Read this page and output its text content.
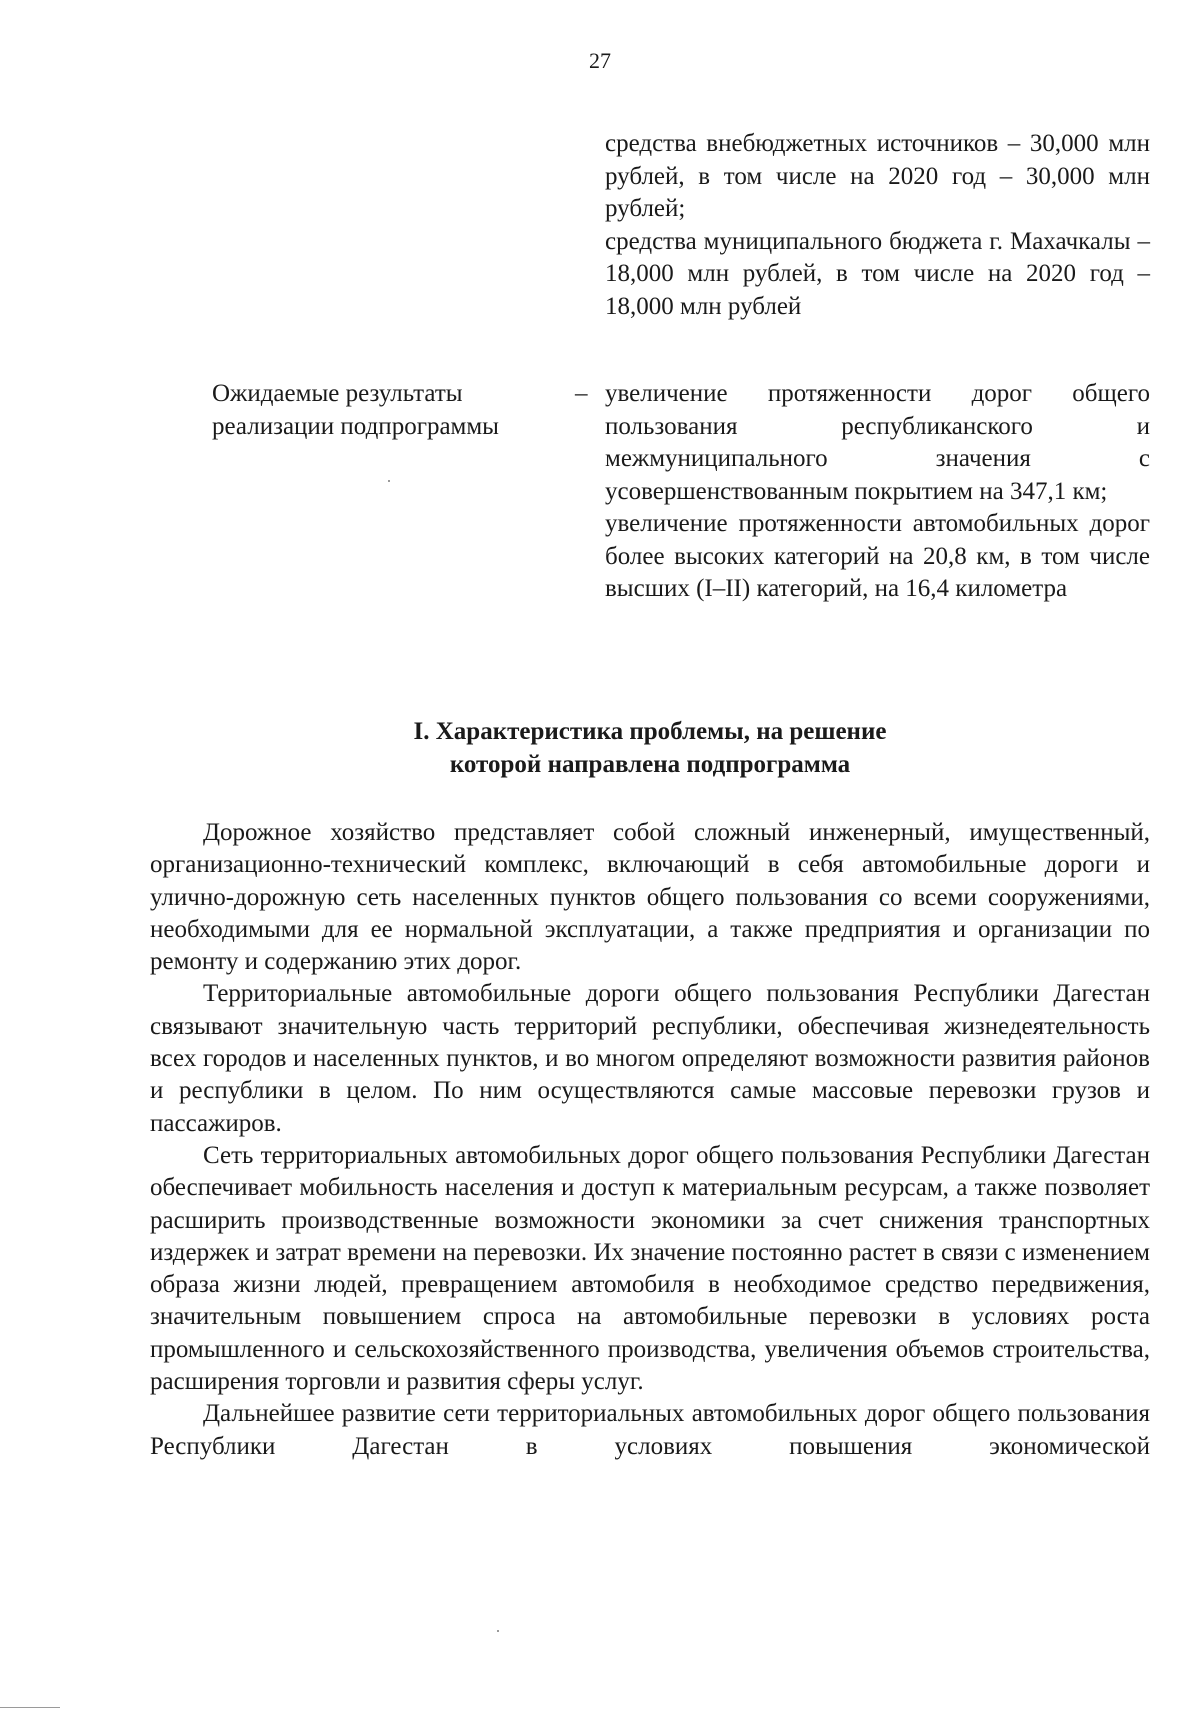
27

средства внебюджетных источников – 30,000 млн рублей, в том числе на 2020 год – 30,000 млн рублей;

средства муниципального бюджета г. Махачкалы – 18,000 млн рублей, в том числе на 2020 год – 18,000 млн рублей

Ожидаемые результаты
реализации подпрограммы
– увеличение протяженности дорог общего пользования республиканского и межмуниципального значения с усовершенствованным покрытием на 347,1 км;

увеличение протяженности автомобильных дорог более высоких категорий на 20,8 км, в том числе высших (I–II) категорий, на 16,4 километра

I. Характеристика проблемы, на решение
которой направлена подпрограмма

Дорожное хозяйство представляет собой сложный инженерный, имущественный, организационно-технический комплекс, включающий в себя автомобильные дороги и улично-дорожную сеть населенных пунктов общего пользования со всеми сооружениями, необходимыми для ее нормальной эксплуатации, а также предприятия и организации по ремонту и содержанию этих дорог.

Территориальные автомобильные дороги общего пользования Республики Дагестан связывают значительную часть территорий республики, обеспечивая жизнедеятельность всех городов и населенных пунктов, и во многом определяют возможности развития районов и республики в целом. По ним осуществляются самые массовые перевозки грузов и пассажиров.

Сеть территориальных автомобильных дорог общего пользования Республики Дагестан обеспечивает мобильность населения и доступ к материальным ресурсам, а также позволяет расширить производственные возможности экономики за счет снижения транспортных издержек и затрат времени на перевозки. Их значение постоянно растет в связи с изменением образа жизни людей, превращением автомобиля в необходимое средство передвижения, значительным повышением спроса на автомобильные перевозки в условиях роста промышленного и сельскохозяйственного производства, увеличения объемов строительства, расширения торговли и развития сферы услуг.

Дальнейшее развитие сети территориальных автомобильных дорог общего пользования Республики Дагестан в условиях повышения экономической
